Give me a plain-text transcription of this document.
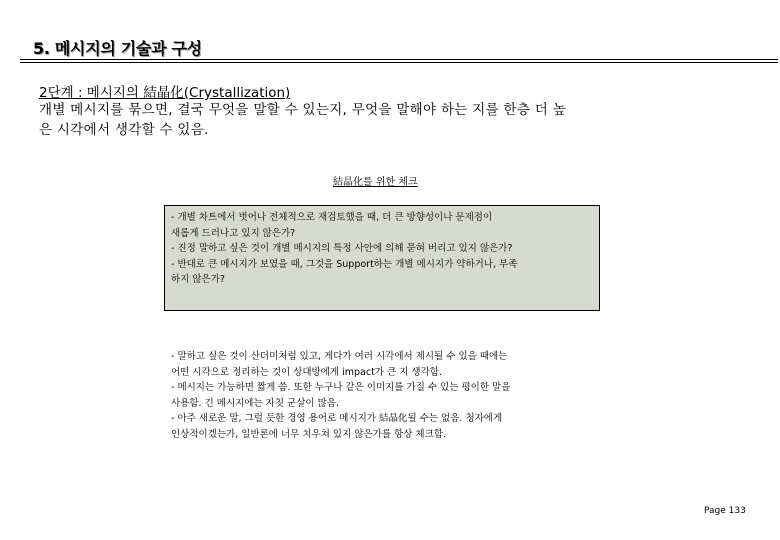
5. 메시지의 기술과 구성
2단계 : 메시지의 結晶化(Crystallization)
개별 메시지를 묶으면, 결국 무엇을 말할 수 있는지, 무엇을 말해야 하는 지를 한층 더 높
은 시각에서 생각할 수 있음.
結晶化를 위한 체크
- 개별 차트에서 벗어나 전체적으로 재검토했을 때, 더 큰 방향성이나 문제점이
새롭게 드러나고 있지 않은가?
- 진정 말하고 싶은 것이 개별 메시지의 특정 사안에 의해 묻혀 버리고 있지 않은가?
- 반대로 큰 메시지가 보였을 때, 그것을 Support하는 개별 메시지가 약하거나, 부족
하지 않은가?
- 말하고 싶은 것이 산더미처럼 있고, 게다가 여러 시각에서 제시될 수 있을 때에는
어떤 시각으로 정리하는 것이 상대방에게 impact가 큰 지 생각함.
- 메시지는 가능하면 짧게 씀. 또한 누구나 같은 이미지를 가질 수 있는 평이한 말을
사용함. 긴 메시지에는 자칫 군살이 많음.
- 아주 새로운 말, 그럴 듯한 경영 용어로 메시지가 結晶化될 수는 없음. 청자에게
인상적이겠는가, 일반론에 너무 치우쳐 있지 않은가를 항상 체크함.
Page 133
